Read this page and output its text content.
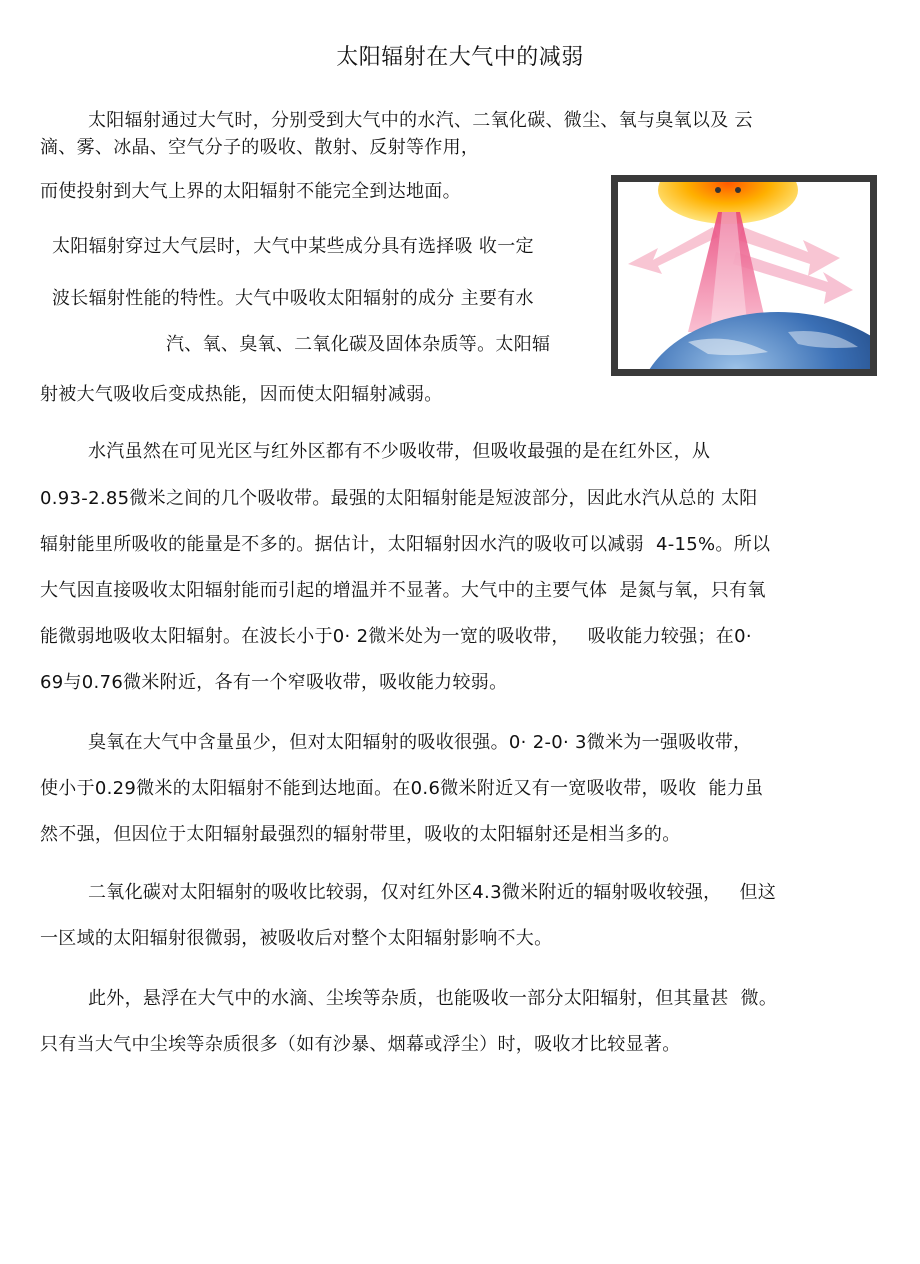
太阳辐射在大气中的减弱
太阳辐射通过大气时，分别受到大气中的水汽、二氧化碳、微尘、氧与臭氧以及 云
滴、雾、冰晶、空气分子的吸收、散射、反射等作用，
而使投射到大气上界的太阳辐射不能完全到达地面。
太阳辐射穿过大气层时，大气中某些成分具有选择吸 收一定
波长辐射性能的特性。大气中吸收太阳辐射的成分 主要有水
汽、氧、臭氧、二氧化碳及固体杂质等。太阳辐
射被大气吸收后变成热能，因而使太阳辐射减弱。
水汽虽然在可见光区与红外区都有不少吸收带，但吸收最强的是在红外区，从
0.93-2.85微米之间的几个吸收带。最强的太阳辐射能是短波部分，因此水汽从总的 太阳
辐射能里所吸收的能量是不多的。据估计，太阳辐射因水汽的吸收可以减弱  4-15%。所以
大气因直接吸收太阳辐射能而引起的增温并不显著。大气中的主要气体  是氮与氧，只有氧
能微弱地吸收太阳辐射。在波长小于0· 2微米处为一宽的吸收带，   吸收能力较强；在0·
69与0.76微米附近，各有一个窄吸收带，吸收能力较弱。
臭氧在大气中含量虽少，但对太阳辐射的吸收很强。0· 2-0· 3微米为一强吸收带，
使小于0.29微米的太阳辐射不能到达地面。在0.6微米附近又有一宽吸收带，吸收  能力虽
然不强，但因位于太阳辐射最强烈的辐射带里，吸收的太阳辐射还是相当多的。
二氧化碳对太阳辐射的吸收比较弱，仅对红外区4.3微米附近的辐射吸收较强，   但这
一区域的太阳辐射很微弱，被吸收后对整个太阳辐射影响不大。
此外，悬浮在大气中的水滴、尘埃等杂质，也能吸收一部分太阳辐射，但其量甚  微。
只有当大气中尘埃等杂质很多（如有沙暴、烟幕或浮尘）时，吸收才比较显著。
